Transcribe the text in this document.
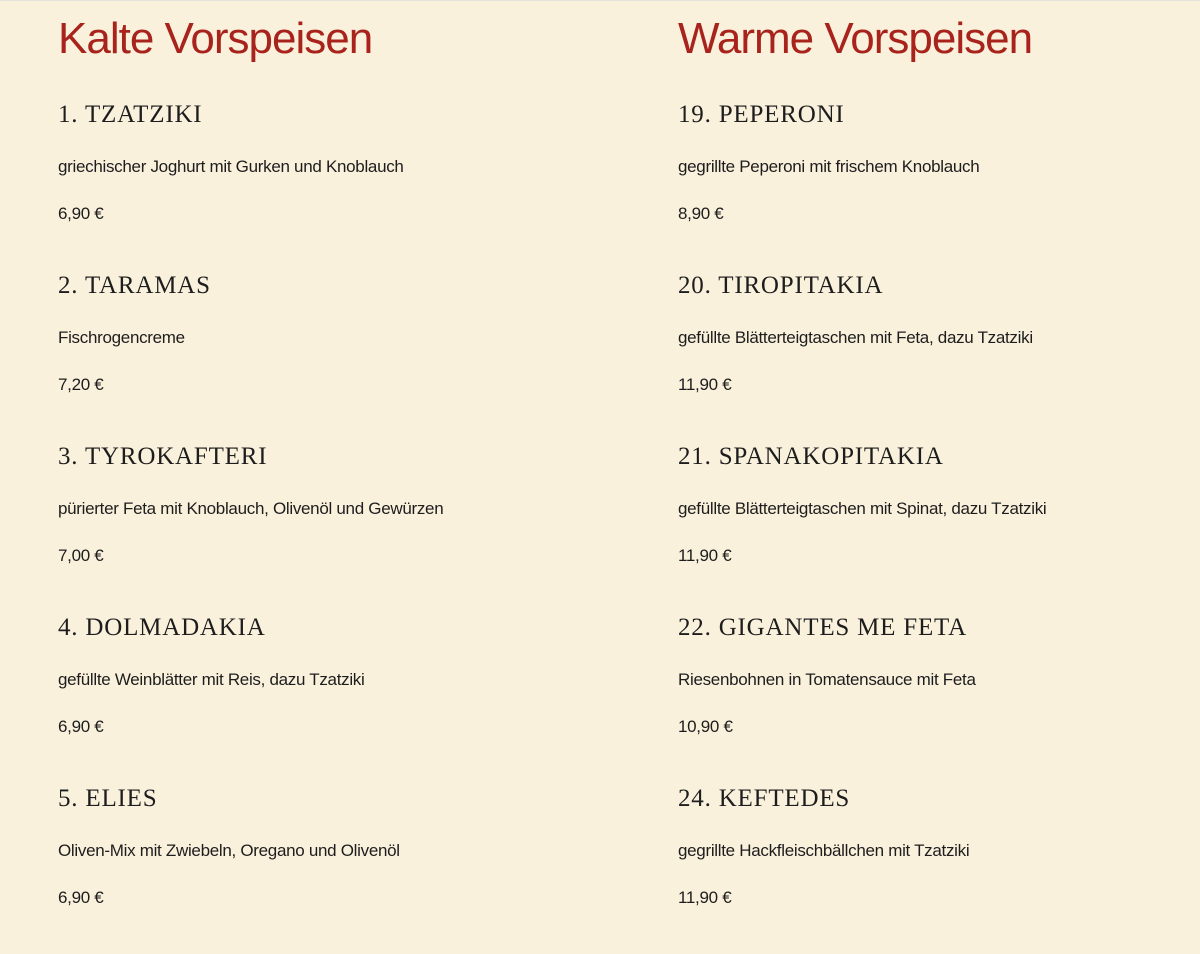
Kalte Vorspeisen
1. TZATZIKI
griechischer Joghurt mit Gurken und Knoblauch
6,90 €
2. TARAMAS
Fischrogencreme
7,20 €
3. TYROKAFTERI
pürierter Feta mit Knoblauch, Olivenöl und Gewürzen
7,00 €
4. DOLMADAKIA
gefüllte Weinblätter mit Reis, dazu Tzatziki
6,90 €
5. ELIES
Oliven-Mix mit Zwiebeln, Oregano und Olivenöl
6,90 €
Warme Vorspeisen
19. PEPERONI
gegrillte Peperoni mit frischem Knoblauch
8,90 €
20. TIROPITAKIA
gefüllte Blätterteigtaschen mit Feta, dazu Tzatziki
11,90 €
21. SPANAKOPITAKIA
gefüllte Blätterteigtaschen mit Spinat, dazu Tzatziki
11,90 €
22. GIGANTES ME FETA
Riesenbohnen in Tomatensauce mit Feta
10,90 €
24. KEFTEDES
gegrillte Hackfleischbällchen mit Tzatziki
11,90 €
